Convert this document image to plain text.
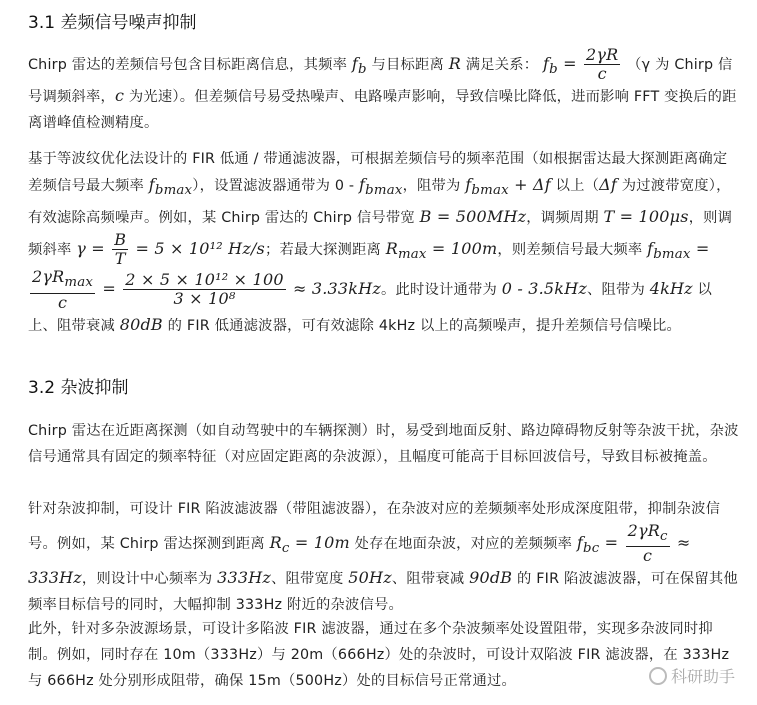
3.1 差频信号噪声抑制

Chirp 雷达的差频信号包含目标距离信息，其频率 $f_b$ 与目标距离 R 满足关系： $f_b = \frac{2\gamma R}{c} (\gamma$ 为 Chirp 信号调频斜率，c 为光速）。但差频信号易受热噪声、电路噪声影响，导致信噪比降低，进而影响 FFT 变换后的距离谱峰值检测精度。

基于等波纹优化法设计的 FIR 低通 / 带通滤波器，可根据差频信号的频率范围（如根据雷达最大探测距离确定差频信号最大频率 $f_{bmax}$），设置滤波器通带为 $0 - f_{bmax}$，阻带为 $f_{bmax} + \Delta f$ 以上（Δf 为过渡带宽度），有效滤除高频噪声。例如，某 Chirp 雷达的 Chirp 信号带宽 B = 500MHz，调频周期 T = 100μs，则调频斜率 $\gamma = \frac{B}{T} = 5 \times 10^{12}$ Hz/s；若最大探测距离 $R_{max} = 100m$，则差频信号最大频率 $f_{bmax}$ =
$\frac{2\gamma R_{max}}{c} = \frac{\text{2 × 5 × 10¹² × 100}}{\text{3 × 10⁸}} \approx 3.33kHz$。此时设计通带为 0 - 3.5kHz、阻带为 4kHz 以上、阻带衰减 80dB 的 FIR 低通滤波器，可有效滤除 4kHz 以上的高频噪声，提升差频信号信噪比。

3.2 杂波抑制

Chirp 雷达在近距离探测（如自动驾驶中的车辆探测）时，易受到地面反射、路边障碍物反射等杂波干扰，杂波信号通常具有固定的频率特征（对应固定距离的杂波源），且幅度可能高于目标回波信号，导致目标被掩盖。

针对杂波抑制，可设计 FIR 陷波滤波器（带阻滤波器），在杂波对应的差频频率处形成深度阻带，抑制杂波信号。例如，某 Chirp 雷达探测到距离 $R_c = 10m$ 处存在地面杂波，对应的差频频率 $f_{bc} = \frac{2\gamma R_c}{c} \approx 333Hz$，则设计中心频率为 333Hz、阻带宽度 50Hz、阻带衰减 90dB 的 FIR 陷波滤波器，可在保留其他频率目标信号的同时，大幅抑制 333Hz 附近的杂波信号。

此外，针对多杂波源场景，可设计多陷波 FIR 滤波器，通过在多个杂波频率处设置阻带，实现多杂波同时抑制。例如，同时存在 10m（333Hz）与 20m（666Hz）处的杂波时，可设计双陷波 FIR 滤波器，在 333Hz 与 666Hz 处分别形成阻带，确保 15m（500Hz）处的目标信号正常通过。	科研助手
